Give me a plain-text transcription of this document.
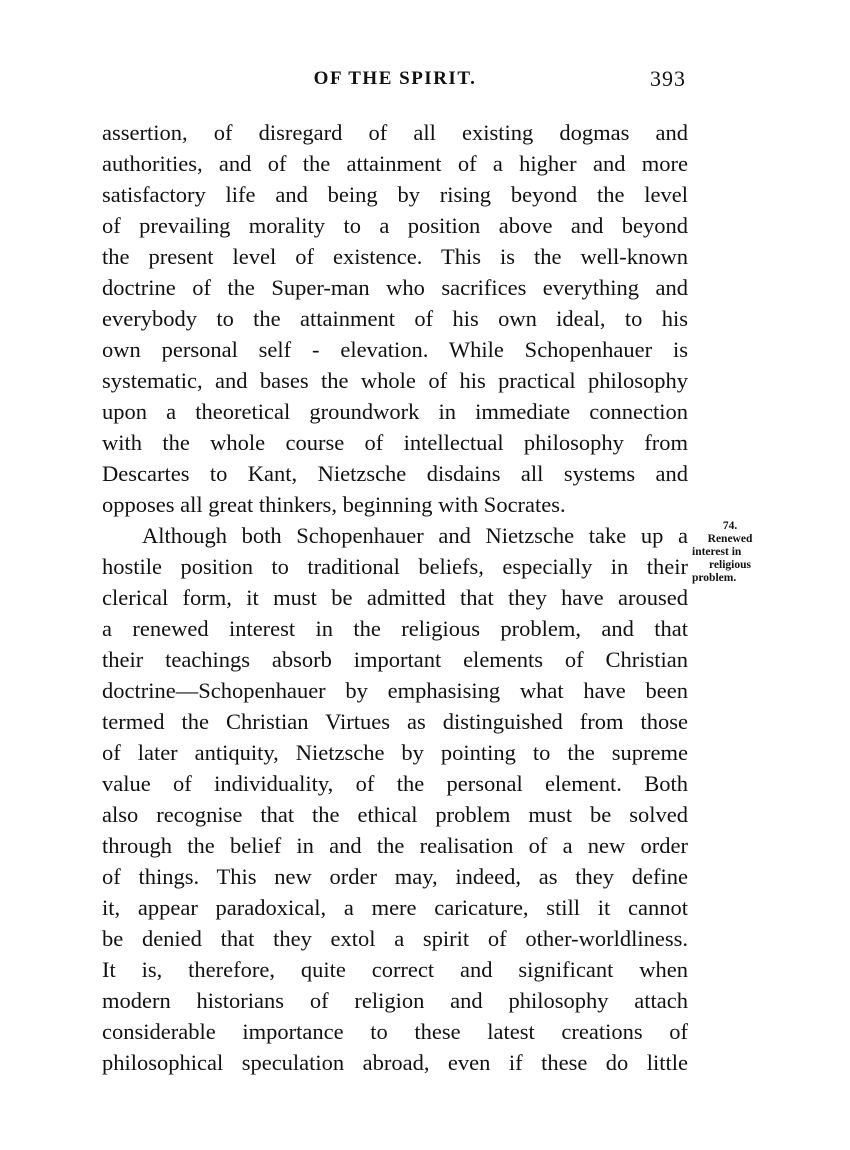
OF THE SPIRIT.	393
assertion, of disregard of all existing dogmas and
authorities, and of the attainment of a higher and more
satisfactory life and being by rising beyond the level
of prevailing morality to a position above and beyond
the present level of existence. This is the well-known
doctrine of the Super-man who sacrifices everything and
everybody to the attainment of his own ideal, to his
own personal self - elevation. While Schopenhauer is
systematic, and bases the whole of his practical philosophy
upon a theoretical groundwork in immediate connection
with the whole course of intellectual philosophy from
Descartes to Kant, Nietzsche disdains all systems and
opposes all great thinkers, beginning with Socrates.
Although both Schopenhauer and Nietzsche take up a
hostile position to traditional beliefs, especially in their
clerical form, it must be admitted that they have aroused
a renewed interest in the religious problem, and that
their teachings absorb important elements of Christian
doctrine—Schopenhauer by emphasising what have been
termed the Christian Virtues as distinguished from those
of later antiquity, Nietzsche by pointing to the supreme
value of individuality, of the personal element. Both
also recognise that the ethical problem must be solved
through the belief in and the realisation of a new order
of things. This new order may, indeed, as they define
it, appear paradoxical, a mere caricature, still it cannot
be denied that they extol a spirit of other-worldliness.
It is, therefore, quite correct and significant when
modern historians of religion and philosophy attach
considerable importance to these latest creations of
philosophical speculation abroad, even if these do little
74.
Renewed
interest in
religious
problem.
